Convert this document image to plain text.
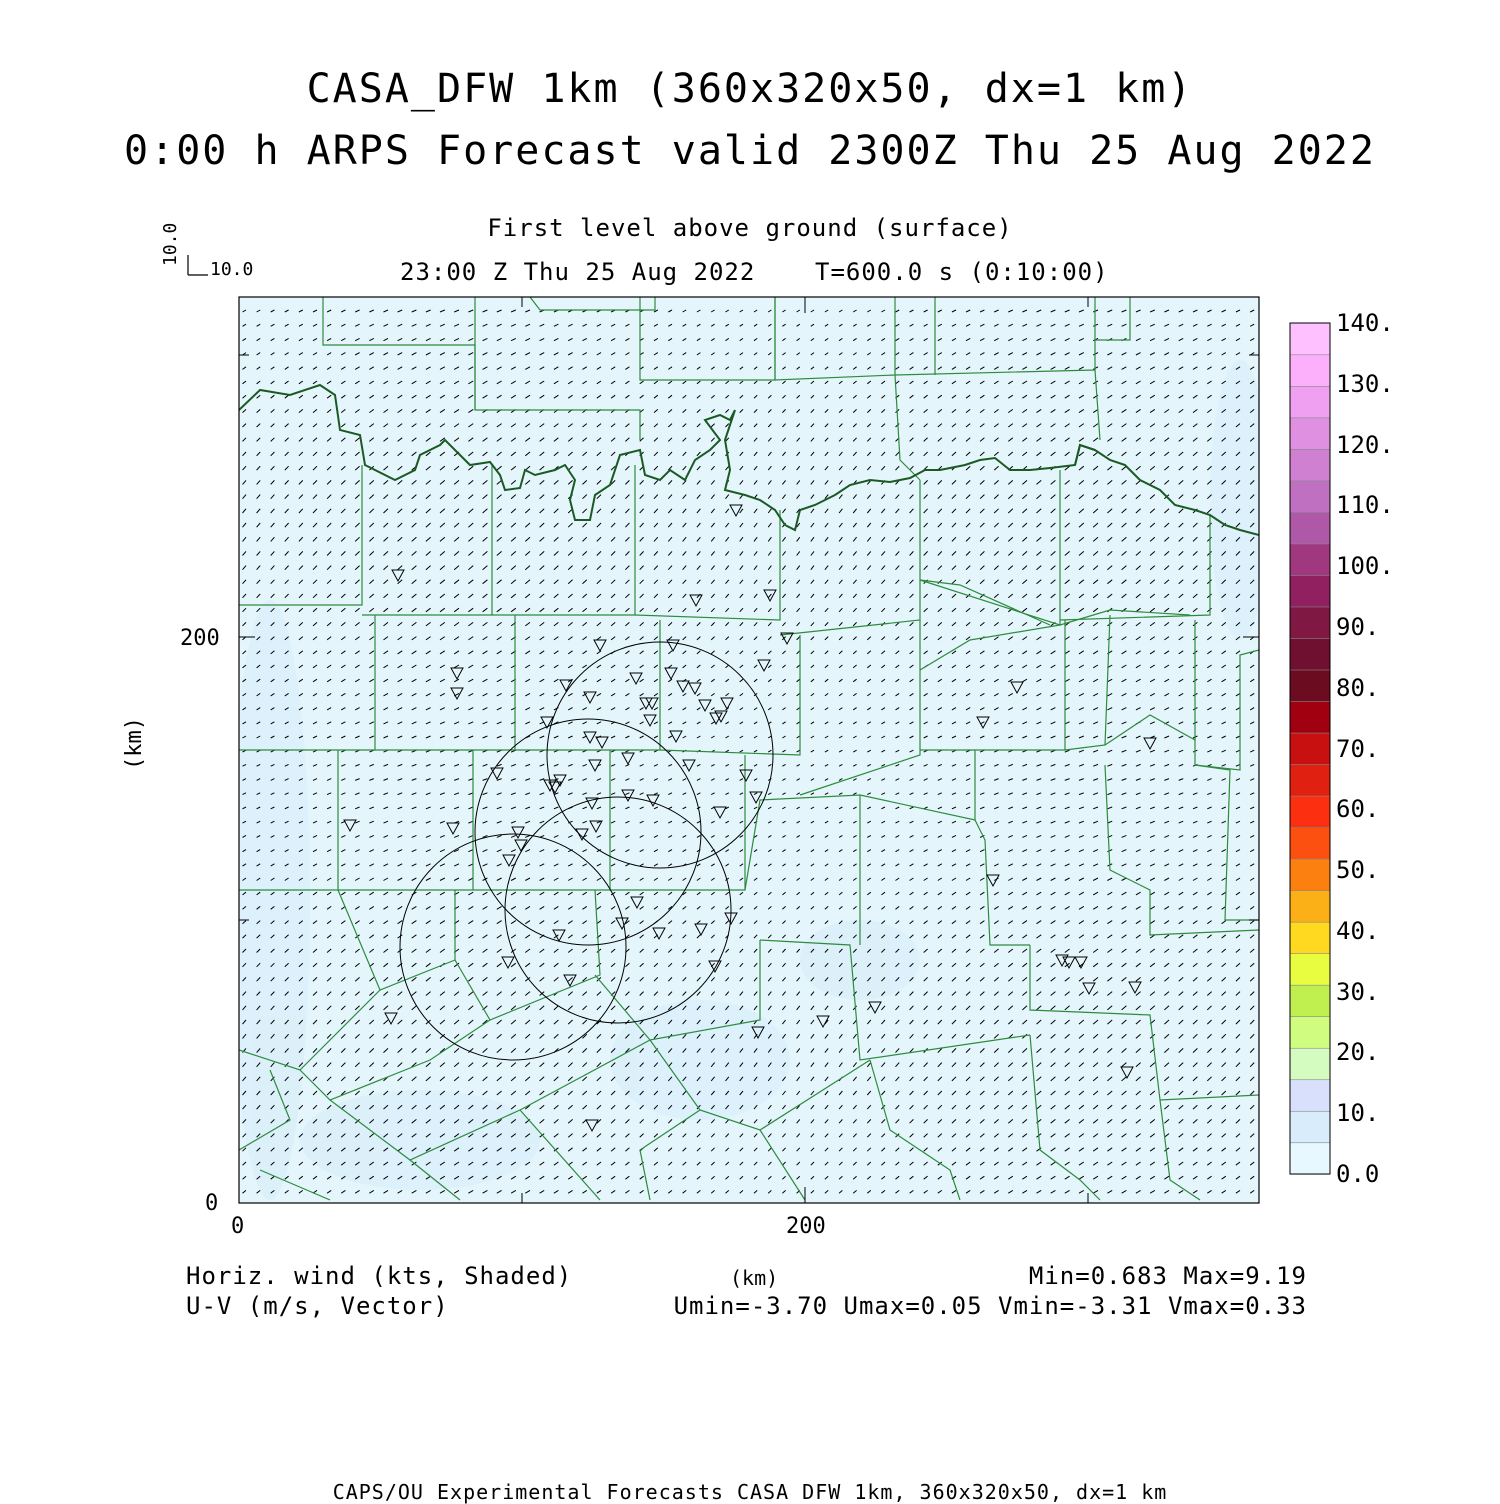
CASA_DFW 1km (360x320x50, dx=1 km)
0:00 h ARPS Forecast valid 2300Z Thu 25 Aug 2022
First level above ground (surface)
23:00 Z Thu 25 Aug 2022 T=600.0 s (0:10:00)
10.0
10.0
0
200
0	200
(km)
(km)
0.0
10.
20.
30.
40.
50.
60.
70.
80.
90.
100.
110.
120.
130.
140.
Horiz. wind (kts, Shaded)
U-V (m/s, Vector)
Min=0.683 Max=9.19
Umin=-3.70 Umax=0.05 Vmin=-3.31 Vmax=0.33
CAPS/OU Experimental Forecasts CASA DFW 1km, 360x320x50, dx=1 km
